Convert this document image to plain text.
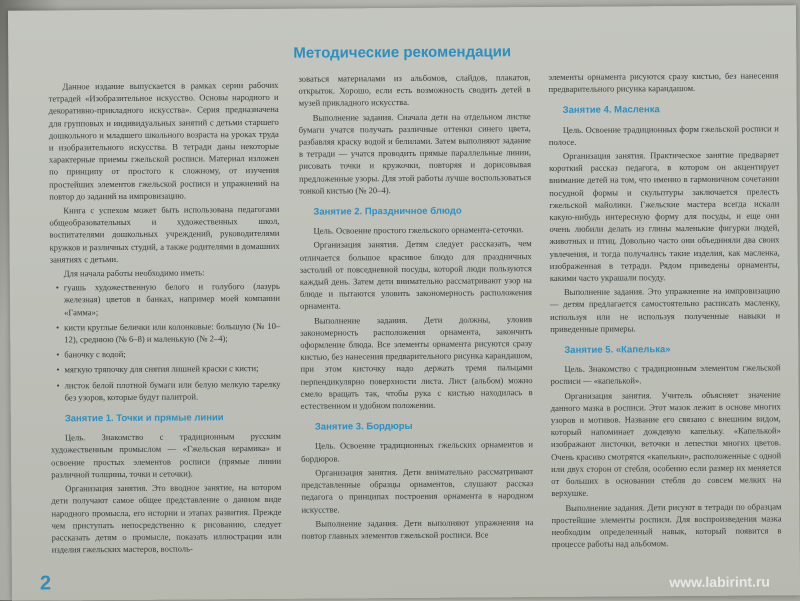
Методические рекомендации

Данное издание выпускается в рамках серии рабочих тетрадей «Изобразительное искусство. Основы народного и декоративно-прикладного искусства». Серия предназначена для групповых и индивидуальных занятий с детьми старшего дошкольного и младшего школьного возраста на уроках труда и изобразительного искусства. В тетради даны некоторые характерные приемы гжельской росписи. Материал изложен по принципу от простого к сложному, от изучения простейших элементов гжельской росписи и упражнений на повтор до заданий на импровизацию.

Книга с успехом может быть использована педагогами общеобразовательных и художественных школ, воспитателями дошкольных учреждений, руководителями кружков и различных студий, а также родителями в домашних занятиях с детьми.

Для начала работы необходимо иметь:

• гуашь художественную белого и голубого (лазурь железная) цветов в банках, например моей компании «Гамма»;
• кисти круглые белички или колонковые: большую (№ 10–12), среднюю (№ 6–8) и маленькую (№ 2–4);
• баночку с водой;
• мягкую тряпочку для снятия лишней краски с кисти;
• листок белой плотной бумаги или белую мелкую тарелку без узоров, которые будут палитрой.
Занятие 1. Точки и прямые линии

Цель. Знакомство с традиционным русским художественным промыслом — «Гжельская керамика» и освоение простых элементов росписи (прямые линии различной толщины, точки и сеточки).

Организация занятия. Это вводное занятие, на котором дети получают самое общее представление о данном виде народного промысла, его истории и этапах развития. Прежде чем приступать непосредственно к рисованию, следует рассказать детям о промысле, показать иллюстрации или изделия гжельских мастеров, восполь-

зоваться материалами из альбомов, слайдов, плакатов, открыток. Хорошо, если есть возможность сводить детей в музей прикладного искусства.

Выполнение задания. Сначала дети на отдельном листке бумаги учатся получать различные оттенки синего цвета, разбавляя краску водой и белилами. Затем выполняют задание в тетради — учатся проводить прямые параллельные линии, рисовать точки и кружочки, повторяя и дорисовывая предложенные узоры. Для этой работы лучше воспользоваться тонкой кистью (№ 20–4).

Занятие 2. Праздничное блюдо

Цель. Освоение простого гжельского орнамента-сеточки.

Организация занятия. Детям следует рассказать, чем отличается большое красивое блюдо для праздничных застолий от повседневной посуды, которой люди пользуются каждый день. Затем дети внимательно рассматривают узор на блюде и пытаются уловить закономерность расположения орнамента.

Выполнение задания. Дети должны, уловив закономерность расположения орнамента, закончить оформление блюда. Все элементы орнамента рисуются сразу кистью, без нанесения предварительного рисунка карандашом, при этом кисточку надо держать тремя пальцами перпендикулярно поверхности листа. Лист (альбом) можно смело вращать так, чтобы рука с кистью находилась в естественном и удобном положении.

Занятие 3. Бордюры

Цель. Освоение традиционных гжельских орнаментов и бордюров.

Организация занятия. Дети внимательно рассматривают представленные образцы орнаментов, слушают рассказ педагога о принципах построения орнамента в народном искусстве.

Выполнение задания. Дети выполняют упражнения на повтор главных элементов гжельской росписи. Все

элементы орнамента рисуются сразу кистью, без нанесения предварительного рисунка карандашом.

Занятие 4. Масленка

Цель. Освоение традиционных форм гжельской росписи и полосе.

Организация занятия. Практическое занятие предваряет короткий рассказ педагога, в котором он акцентирует внимание детей на том, что именно в гармоничном сочетании посудной формы и скульптуры заключается прелесть гжельской майолики. Гжельские мастера всегда искали какую-нибудь интересную форму для посуды, и еще они очень любили делать из глины маленькие фигурки людей, животных и птиц. Довольно часто они объединяли два своих увлечения, и тогда получались такие изделия, как масленка, изображенная в тетради. Рядом приведены орнаменты, какими часто украшали посуду.

Выполнение задания. Это упражнение на импровизацию — детям предлагается самостоятельно расписать масленку, используя или не используя полученные навыки и приведенные примеры.

Занятие 5. «Капелька»

Цель. Знакомство с традиционным элементом гжельской росписи — «капелькой».

Организация занятия. Учитель объясняет значение данного мазка в росписи. Этот мазок лежит в основе многих узоров и мотивов. Название его связано с внешним видом, который напоминает дождевую капельку. «Капелькой» изображают листочки, веточки и лепестки многих цветов. Очень красиво смотрятся «капельки», расположенные с одной или двух сторон от стебля, особенно если размер их меняется от больших в основании стебля до совсем мелких на верхушке.

Выполнение задания. Дети рисуют в тетради по образцам простейшие элементы росписи. Для воспроизведения мазка необходим определенный навык, который появится в процессе работы над альбомом.

2	www.labirint.ru
